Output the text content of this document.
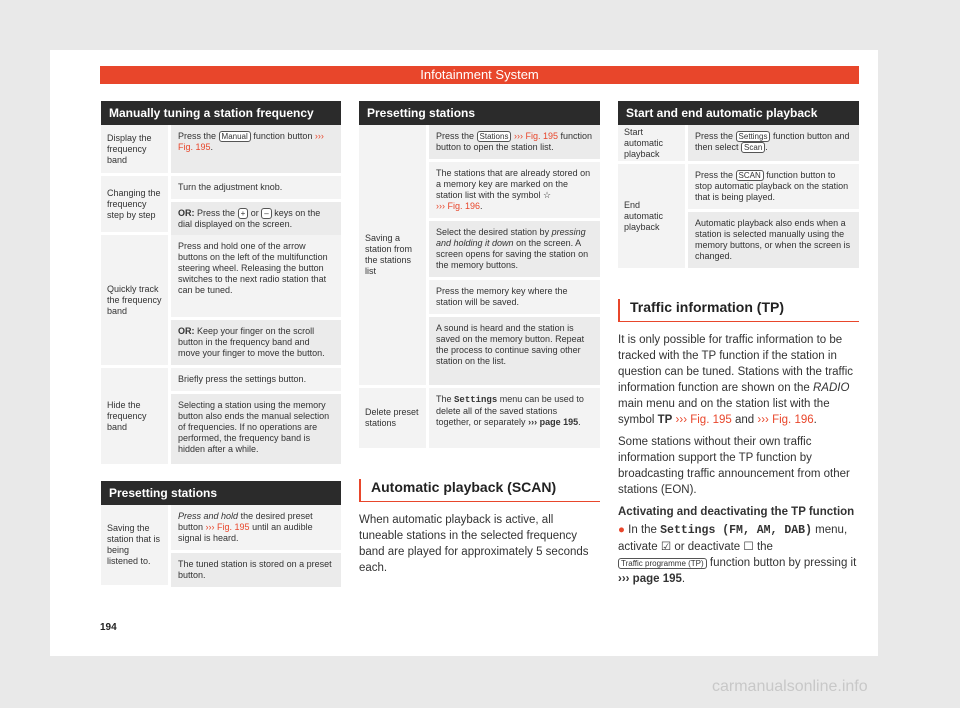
Infotainment System
Manually tuning a station frequency
Display the frequency band
Press the Manual function button ››› Fig. 195.
Changing the frequency step by step
Turn the adjustment knob.
OR: Press the + or – keys on the dial displayed on the screen.
Quickly track the frequency band
Press and hold one of the arrow buttons on the left of the multifunction steering wheel. Releasing the button switches to the next radio station that can be tuned.
OR: Keep your finger on the scroll button in the frequency band and move your finger to move the button.
Hide the frequency band
Briefly press the settings button.
Selecting a station using the memory button also ends the manual selection of frequencies. If no operations are performed, the frequency band is hidden after a while.
Presetting stations
Saving the station that is being listened to.
Press and hold the desired preset button ››› Fig. 195 until an audible signal is heard.
The tuned station is stored on a preset button.
Presetting stations
Saving a station from the stations list
Press the Stations ››› Fig. 195 function button to open the station list.
The stations that are already stored on a memory key are marked on the station list with the symbol ☆
››› Fig. 196.
Select the desired station by pressing and holding it down on the screen. A screen opens for saving the station on the memory buttons.
Press the memory key where the station will be saved.
A sound is heard and the station is saved on the memory button. Repeat the process to continue saving other station on the list.
Delete preset stations
The Settings menu can be used to delete all of the saved stations together, or separately ››› page 195.
Automatic playback (SCAN)
When automatic playback is active, all tuneable stations in the selected frequency band are played for approximately 5 seconds each.
Start and end automatic playback
Start automatic playback
Press the Settings function button and then select Scan .
End automatic playback
Press the SCAN function button to stop automatic playback on the station that is being played.
Automatic playback also ends when a station is selected manually using the memory buttons, or when the screen is changed.
Traffic information (TP)
It is only possible for traffic information to be tracked with the TP function if the station in question can be tuned. Stations with the traffic information function are shown on the RADIO main menu and on the station list with the symbol TP ››› Fig. 195 and ››› Fig. 196.
Some stations without their own traffic information support the TP function by broadcasting traffic announcement from other stations (EON).
Activating and deactivating the TP function
● In the Settings (FM, AM, DAB) menu, activate ☑ or deactivate ☐ the Traffic programme (TP) function button by pressing it ››› page 195.
194
carmanualsonline.info
